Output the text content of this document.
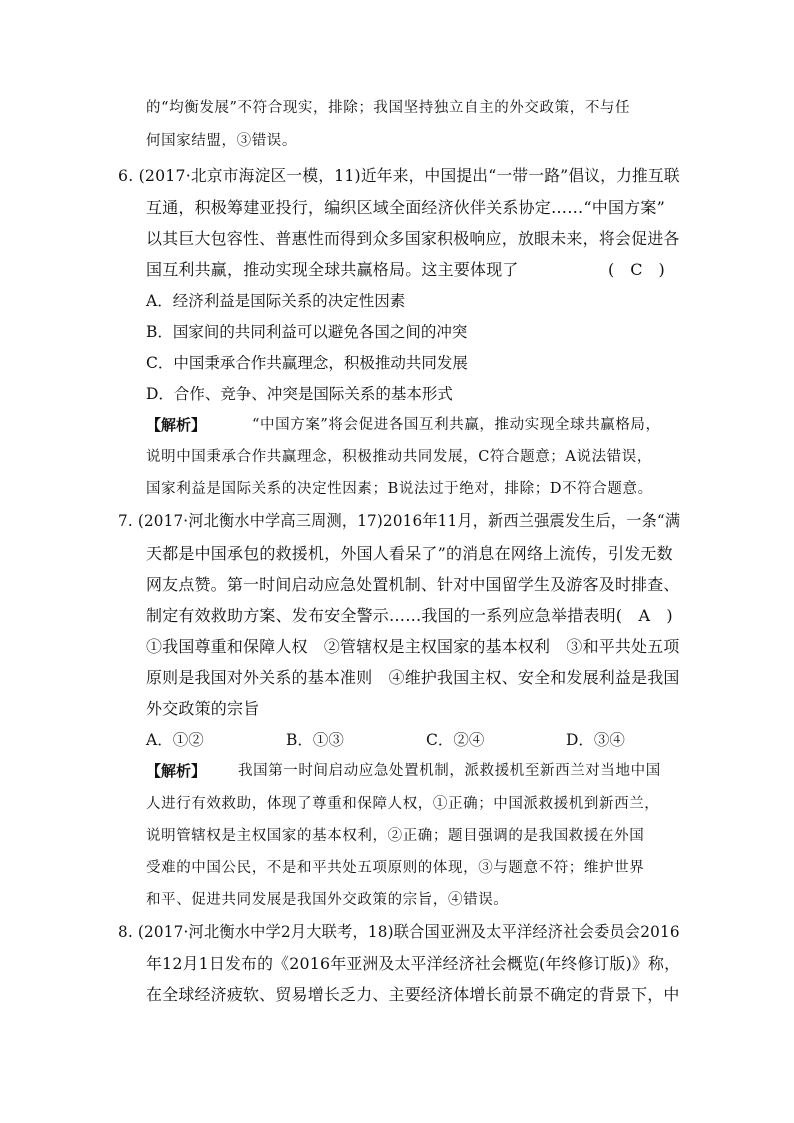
的“均衡发展”不符合现实，排除；我国坚持独立自主的外交政策，不与任
何国家结盟，③错误。
6. (2017·北京市海淀区一模，11)近年来，中国提出“一带一路”倡议，力推互联
互通，积极筹建亚投行，编织区域全面经济伙伴关系协定……“中国方案”
以其巨大包容性、普惠性而得到众多国家积极响应，放眼未来，将会促进各
国互利共赢，推动实现全球共赢格局。这主要体现了	(　C　)
A．经济利益是国际关系的决定性因素
B．国家间的共同利益可以避免各国之间的冲突
C．中国秉承合作共赢理念，积极推动共同发展
D．合作、竞争、冲突是国际关系的基本形式
【解析】	“中国方案”将会促进各国互利共赢，推动实现全球共赢格局，
说明中国秉承合作共赢理念，积极推动共同发展，C符合题意；A说法错误，
国家利益是国际关系的决定性因素；B说法过于绝对，排除；D不符合题意。
7. (2017·河北衡水中学高三周测，17)2016年11月，新西兰强震发生后，一条“满
天都是中国承包的救援机，外国人看呆了”的消息在网络上流传，引发无数
网友点赞。第一时间启动应急处置机制、针对中国留学生及游客及时排查、
制定有效救助方案、发布安全警示……我国的一系列应急举措表明(　A　)
①我国尊重和保障人权　②管辖权是主权国家的基本权利　③和平共处五项
原则是我国对外关系的基本准则　④维护我国主权、安全和发展利益是我国
外交政策的宗旨
A．①②	B．①③	C．②④	D．③④
【解析】 我国第一时间启动应急处置机制，派救援机至新西兰对当地中国
人进行有效救助，体现了尊重和保障人权，①正确；中国派救援机到新西兰，
说明管辖权是主权国家的基本权利，②正确；题目强调的是我国救援在外国
受难的中国公民，不是和平共处五项原则的体现，③与题意不符；维护世界
和平、促进共同发展是我国外交政策的宗旨，④错误。
8. (2017·河北衡水中学2月大联考，18)联合国亚洲及太平洋经济社会委员会2016
年12月1日发布的《2016年亚洲及太平洋经济社会概览(年终修订版)》称，
在全球经济疲软、贸易增长乏力、主要经济体增长前景不确定的背景下，中
